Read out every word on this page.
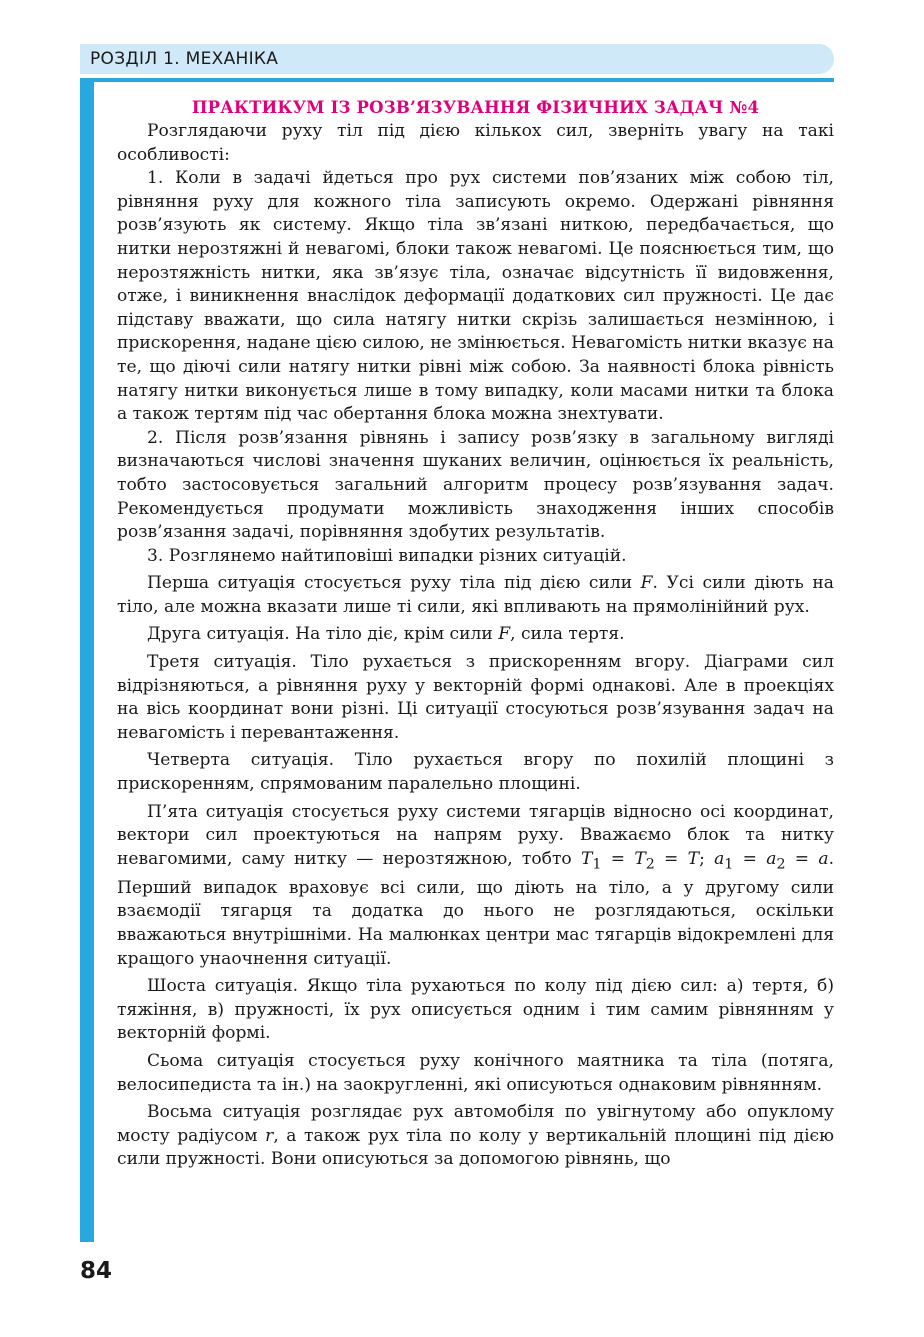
РОЗДІЛ 1. МЕХАНІКА
ПРАКТИКУМ ІЗ РОЗВ’ЯЗУВАННЯ ФІЗИЧНИХ ЗАДАЧ №4

Розглядаючи руху тіл під дією кількох сил, зверніть увагу на такі особливості:

1. Коли в задачі йдеться про рух системи пов’язаних між собою тіл, рівняння руху для кожного тіла записують окремо. Одержані рівняння розв’язують як систему. Якщо тіла зв’язані ниткою, передбачається, що нитки нерозтяжні й невагомі, блоки також невагомі. Це пояснюється тим, що нерозтяжність нитки, яка зв’язує тіла, означає відсутність її видовження, отже, і виникнення внаслідок деформації додаткових сил пружності. Це дає підставу вважати, що сила натягу нитки скрізь залишається незмінною, і прискорення, надане цією силою, не змінюється. Невагомість нитки вказує на те, що діючі сили натягу нитки рівні між собою. За наявності блока рівність натягу нитки виконується лише в тому випадку, коли масами нитки та блока а також тертям під час обертання блока можна знехтувати.

2. Після розв’язання рівнянь і запису розв’язку в загальному вигляді визначаються числові значення шуканих величин, оцінюється їх реальність, тобто застосовується загальний алгоритм процесу розв’язування задач. Рекомендується продумати можливість знаходження інших способів розв’язання задачі, порівняння здобутих результатів.

3. Розглянемо найтиповіші випадки різних ситуацій.

Перша ситуація стосується руху тіла під дією сили F. Усі сили діють на тіло, але можна вказати лише ті сили, які впливають на прямолінійний рух.

Друга ситуація. На тіло діє, крім сили F, сила тертя.

Третя ситуація. Тіло рухається з прискоренням вгору. Діаграми сил відрізняються, а рівняння руху у векторній формі однакові. Але в проекціях на вісь координат вони різні. Ці ситуації стосуються розв’язування задач на невагомість і перевантаження.

Четверта ситуація. Тіло рухається вгору по похилій площині з прискоренням, спрямованим паралельно площині.

П’ята ситуація стосується руху системи тягарців відносно осі координат, вектори сил проектуються на напрям руху. Вважаємо блок та нитку невагомими, саму нитку — нерозтяжною, тобто $T_1 = T_2 = T$; $a_1 = a_2 = a$. Перший випадок враховує всі сили, що діють на тіло, а у другому сили взаємодії тягарця та додатка до нього не розглядаються, оскільки вважаються внутрішніми. На малюнках центри мас тягарців відокремлені для кращого унаочнення ситуації.

Шоста ситуація. Якщо тіла рухаються по колу під дією сил: а) тертя, б) тяжіння, в) пружності, їх рух описується одним і тим самим рівнянням у векторній формі.

Сьома ситуація стосується руху конічного маятника та тіла (потяга, велосипедиста та ін.) на заокругленні, які описуються однаковим рівнянням.

Восьма ситуація розглядає рух автомобіля по увігнутому або опуклому мосту радіусом r, а також рух тіла по колу у вертикальній площині під дією сили пружності. Вони описуються за допомогою рівнянь, що

84
